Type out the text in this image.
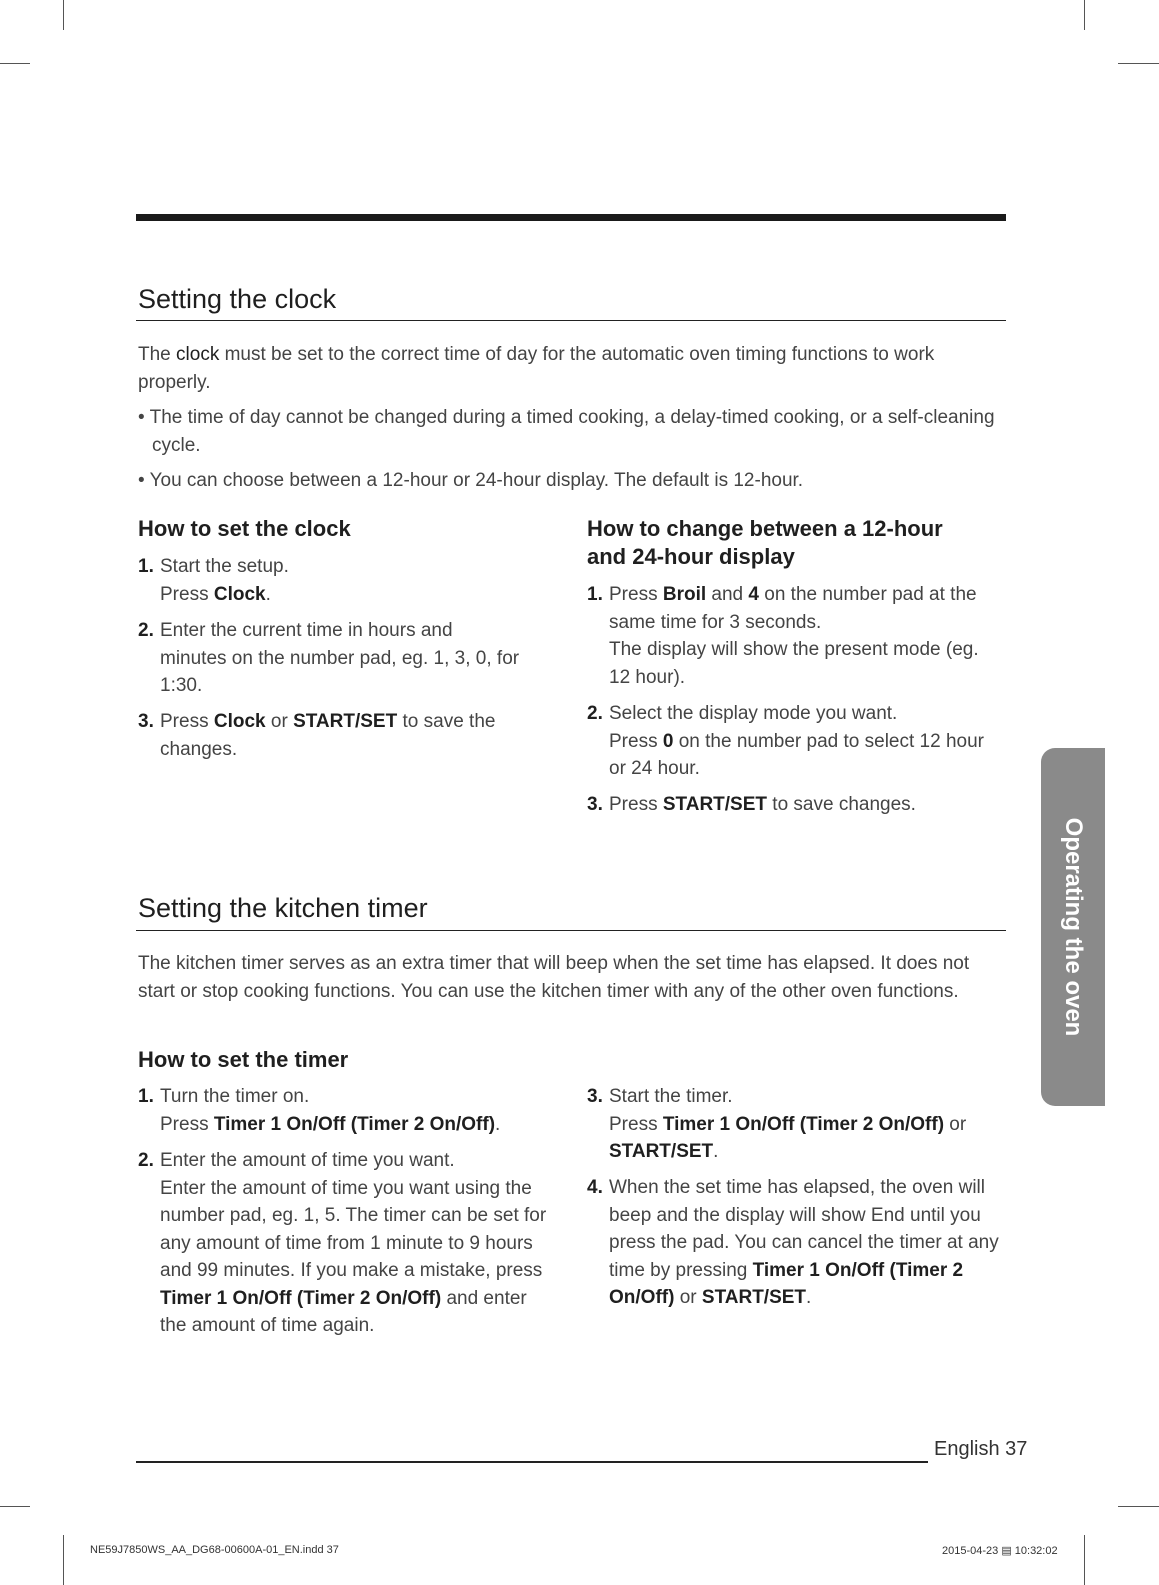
Setting the clock

The clock must be set to the correct time of day for the automatic oven timing functions to work properly.

• The time of day cannot be changed during a timed cooking, a delay-timed cooking, or a self-cleaning cycle.

• You can choose between a 12-hour or 24-hour display. The default is 12-hour.

How to set the clock
1. Start the setup.
Press Clock.
2. Enter the current time in hours and minutes on the number pad, eg. 1, 3, 0, for 1:30.
3. Press Clock or START/SET to save the changes.
How to change between a 12-hour and 24-hour display
1. Press Broil and 4 on the number pad at the same time for 3 seconds.
The display will show the present mode (eg. 12 hour).
2. Select the display mode you want.
Press 0 on the number pad to select 12 hour or 24 hour.
3. Press START/SET to save changes.
Setting the kitchen timer

The kitchen timer serves as an extra timer that will beep when the set time has elapsed. It does not start or stop cooking functions. You can use the kitchen timer with any of the other oven functions.

How to set the timer
1. Turn the timer on.
Press Timer 1 On/Off (Timer 2 On/Off).
2. Enter the amount of time you want.
Enter the amount of time you want using the number pad, eg. 1, 5. The timer can be set for any amount of time from 1 minute to 9 hours and 99 minutes. If you make a mistake, press Timer 1 On/Off (Timer 2 On/Off) and enter the amount of time again.
3. Start the timer.
Press Timer 1 On/Off (Timer 2 On/Off) or START/SET.
4. When the set time has elapsed, the oven will beep and the display will show End until you press the pad. You can cancel the timer at any time by pressing Timer 1 On/Off (Timer 2 On/Off) or START/SET.
Operating the oven
English 37
NE59J7850WS_AA_DG68-00600A-01_EN.indd 37	2015-04-23 ▤ 10:32:02
